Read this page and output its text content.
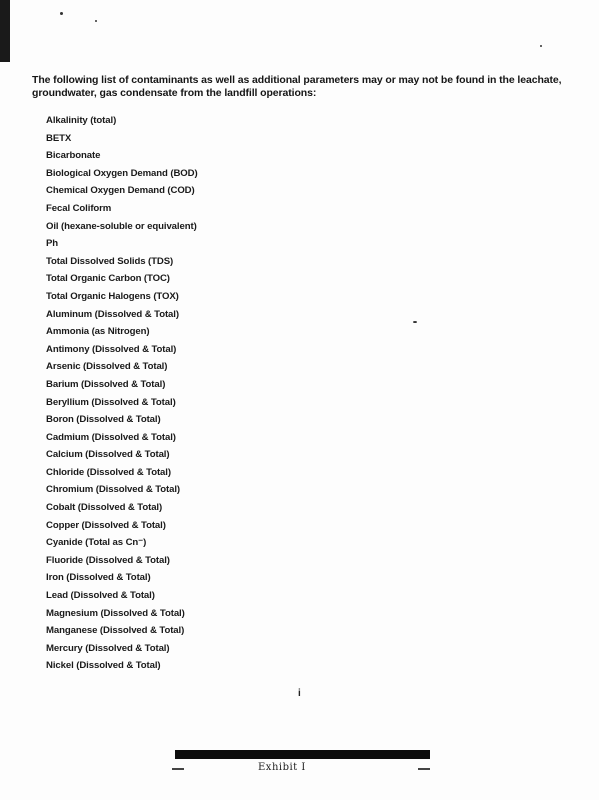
The following list of contaminants as well as additional parameters may or may not be found in the leachate, groundwater, gas condensate from the landfill operations:

Alkalinity (total)
BETX
Bicarbonate
Biological Oxygen Demand (BOD)
Chemical Oxygen Demand (COD)
Fecal Coliform
Oil (hexane-soluble or equivalent)
Ph
Total Dissolved Solids (TDS)
Total Organic Carbon (TOC)
Total Organic Halogens (TOX)
Aluminum (Dissolved & Total)
Ammonia (as Nitrogen)
Antimony (Dissolved & Total)
Arsenic (Dissolved & Total)
Barium (Dissolved & Total)
Beryllium (Dissolved & Total)
Boron (Dissolved & Total)
Cadmium (Dissolved & Total)
Calcium (Dissolved & Total)
Chloride (Dissolved & Total)
Chromium (Dissolved & Total)
Cobalt (Dissolved & Total)
Copper (Dissolved & Total)
Cyanide (Total as Cn⁻)
Fluoride (Dissolved & Total)
Iron (Dissolved & Total)
Lead (Dissolved & Total)
Magnesium (Dissolved & Total)
Manganese (Dissolved & Total)
Mercury (Dissolved & Total)
Nickel (Dissolved & Total)
i
Exhibit I
